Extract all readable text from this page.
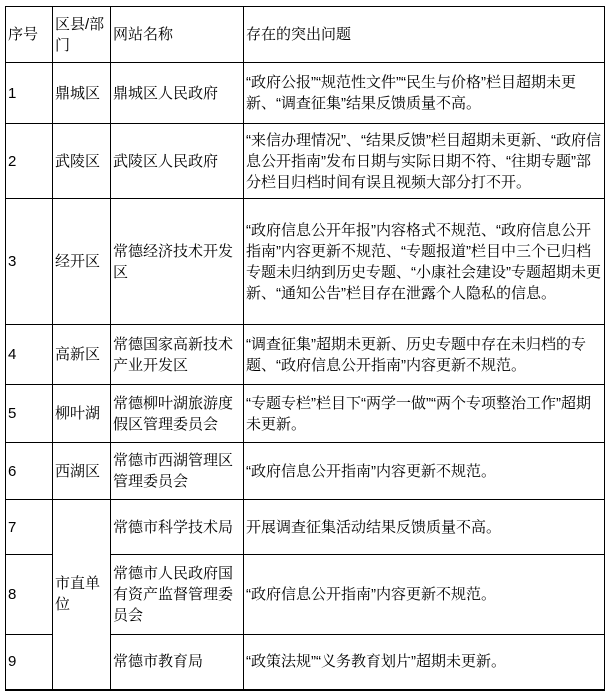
序号	区县/部门	网站名称	存在的突出问题
1	鼎城区	鼎城区人民政府	“政府公报”“规范性文件”“民生与价格”栏目超期未更新、“调查征集”结果反馈质量不高。
2	武陵区	武陵区人民政府	“来信办理情况”、“结果反馈”栏目超期未更新、“政府信息公开指南”发布日期与实际日期不符、“往期专题”部分栏目归档时间有误且视频大部分打不开。
3	经开区	常德经济技术开发区	“政府信息公开年报”内容格式不规范、“政府信息公开指南”内容更新不规范、“专题报道”栏目中三个已归档专题未归纳到历史专题、“小康社会建设”专题超期未更新、“通知公告”栏目存在泄露个人隐私的信息。
4	高新区	常德国家高新技术产业开发区	“调查征集”超期未更新、历史专题中存在未归档的专题、“政府信息公开指南”内容更新不规范。
5	柳叶湖	常德柳叶湖旅游度假区管理委员会	“专题专栏”栏目下“两学一做”“两个专项整治工作”超期未更新。
6	西湖区	常德市西湖管理区管理委员会	“政府信息公开指南”内容更新不规范。
7	市直单位	常德市科学技术局	开展调查征集活动结果反馈质量不高。
8		常德市人民政府国有资产监督管理委员会	“政府信息公开指南”内容更新不规范。
9		常德市教育局	“政策法规”“义务教育划片”超期未更新。
